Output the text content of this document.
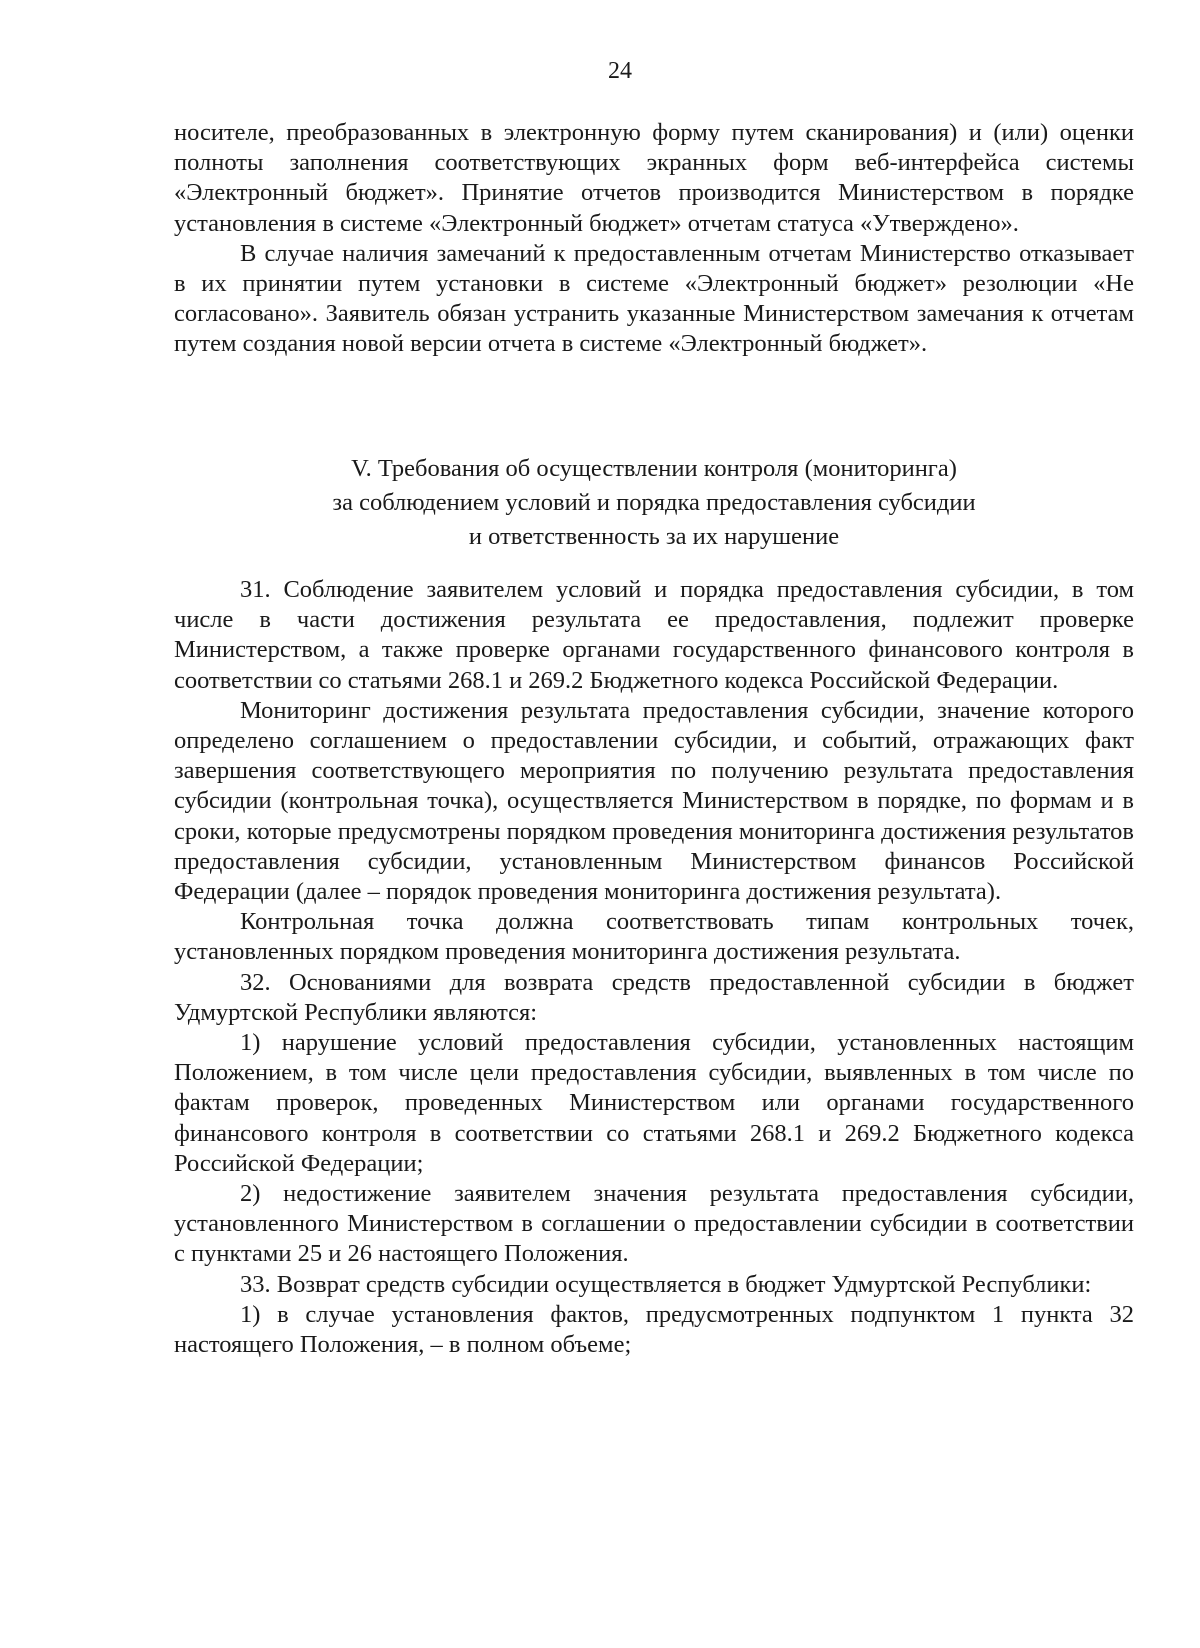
24

носителе, преобразованных в электронную форму путем сканирования) и (или) оценки полноты заполнения соответствующих экранных форм веб-интерфейса системы «Электронный бюджет». Принятие отчетов производится Министерством в порядке установления в системе «Электронный бюджет» отчетам статуса «Утверждено».

В случае наличия замечаний к предоставленным отчетам Министерство отказывает в их принятии путем установки в системе «Электронный бюджет» резолюции «Не согласовано». Заявитель обязан устранить указанные Министерством замечания к отчетам путем создания новой версии отчета в системе «Электронный бюджет».

V. Требования об осуществлении контроля (мониторинга)
за соблюдением условий и порядка предоставления субсидии
и ответственность за их нарушение

31. Соблюдение заявителем условий и порядка предоставления субсидии, в том числе в части достижения результата ее предоставления, подлежит проверке Министерством, а также проверке органами государственного финансового контроля в соответствии со статьями 268.1 и 269.2 Бюджетного кодекса Российской Федерации.

Мониторинг достижения результата предоставления субсидии, значение которого определено соглашением о предоставлении субсидии, и событий, отражающих факт завершения соответствующего мероприятия по получению результата предоставления субсидии (контрольная точка), осуществляется Министерством в порядке, по формам и в сроки, которые предусмотрены порядком проведения мониторинга достижения результатов предоставления субсидии, установленным Министерством финансов Российской Федерации (далее – порядок проведения мониторинга достижения результата).

Контрольная точка должна соответствовать типам контрольных точек, установленных порядком проведения мониторинга достижения результата.

32. Основаниями для возврата средств предоставленной субсидии в бюджет Удмуртской Республики являются:

1) нарушение условий предоставления субсидии, установленных настоящим Положением, в том числе цели предоставления субсидии, выявленных в том числе по фактам проверок, проведенных Министерством или органами государственного финансового контроля в соответствии со статьями 268.1 и 269.2 Бюджетного кодекса Российской Федерации;

2) недостижение заявителем значения результата предоставления субсидии, установленного Министерством в соглашении о предоставлении субсидии в соответствии с пунктами 25 и 26 настоящего Положения.

33. Возврат средств субсидии осуществляется в бюджет Удмуртской Республики:

1) в случае установления фактов, предусмотренных подпунктом 1 пункта 32 настоящего Положения, – в полном объеме;
